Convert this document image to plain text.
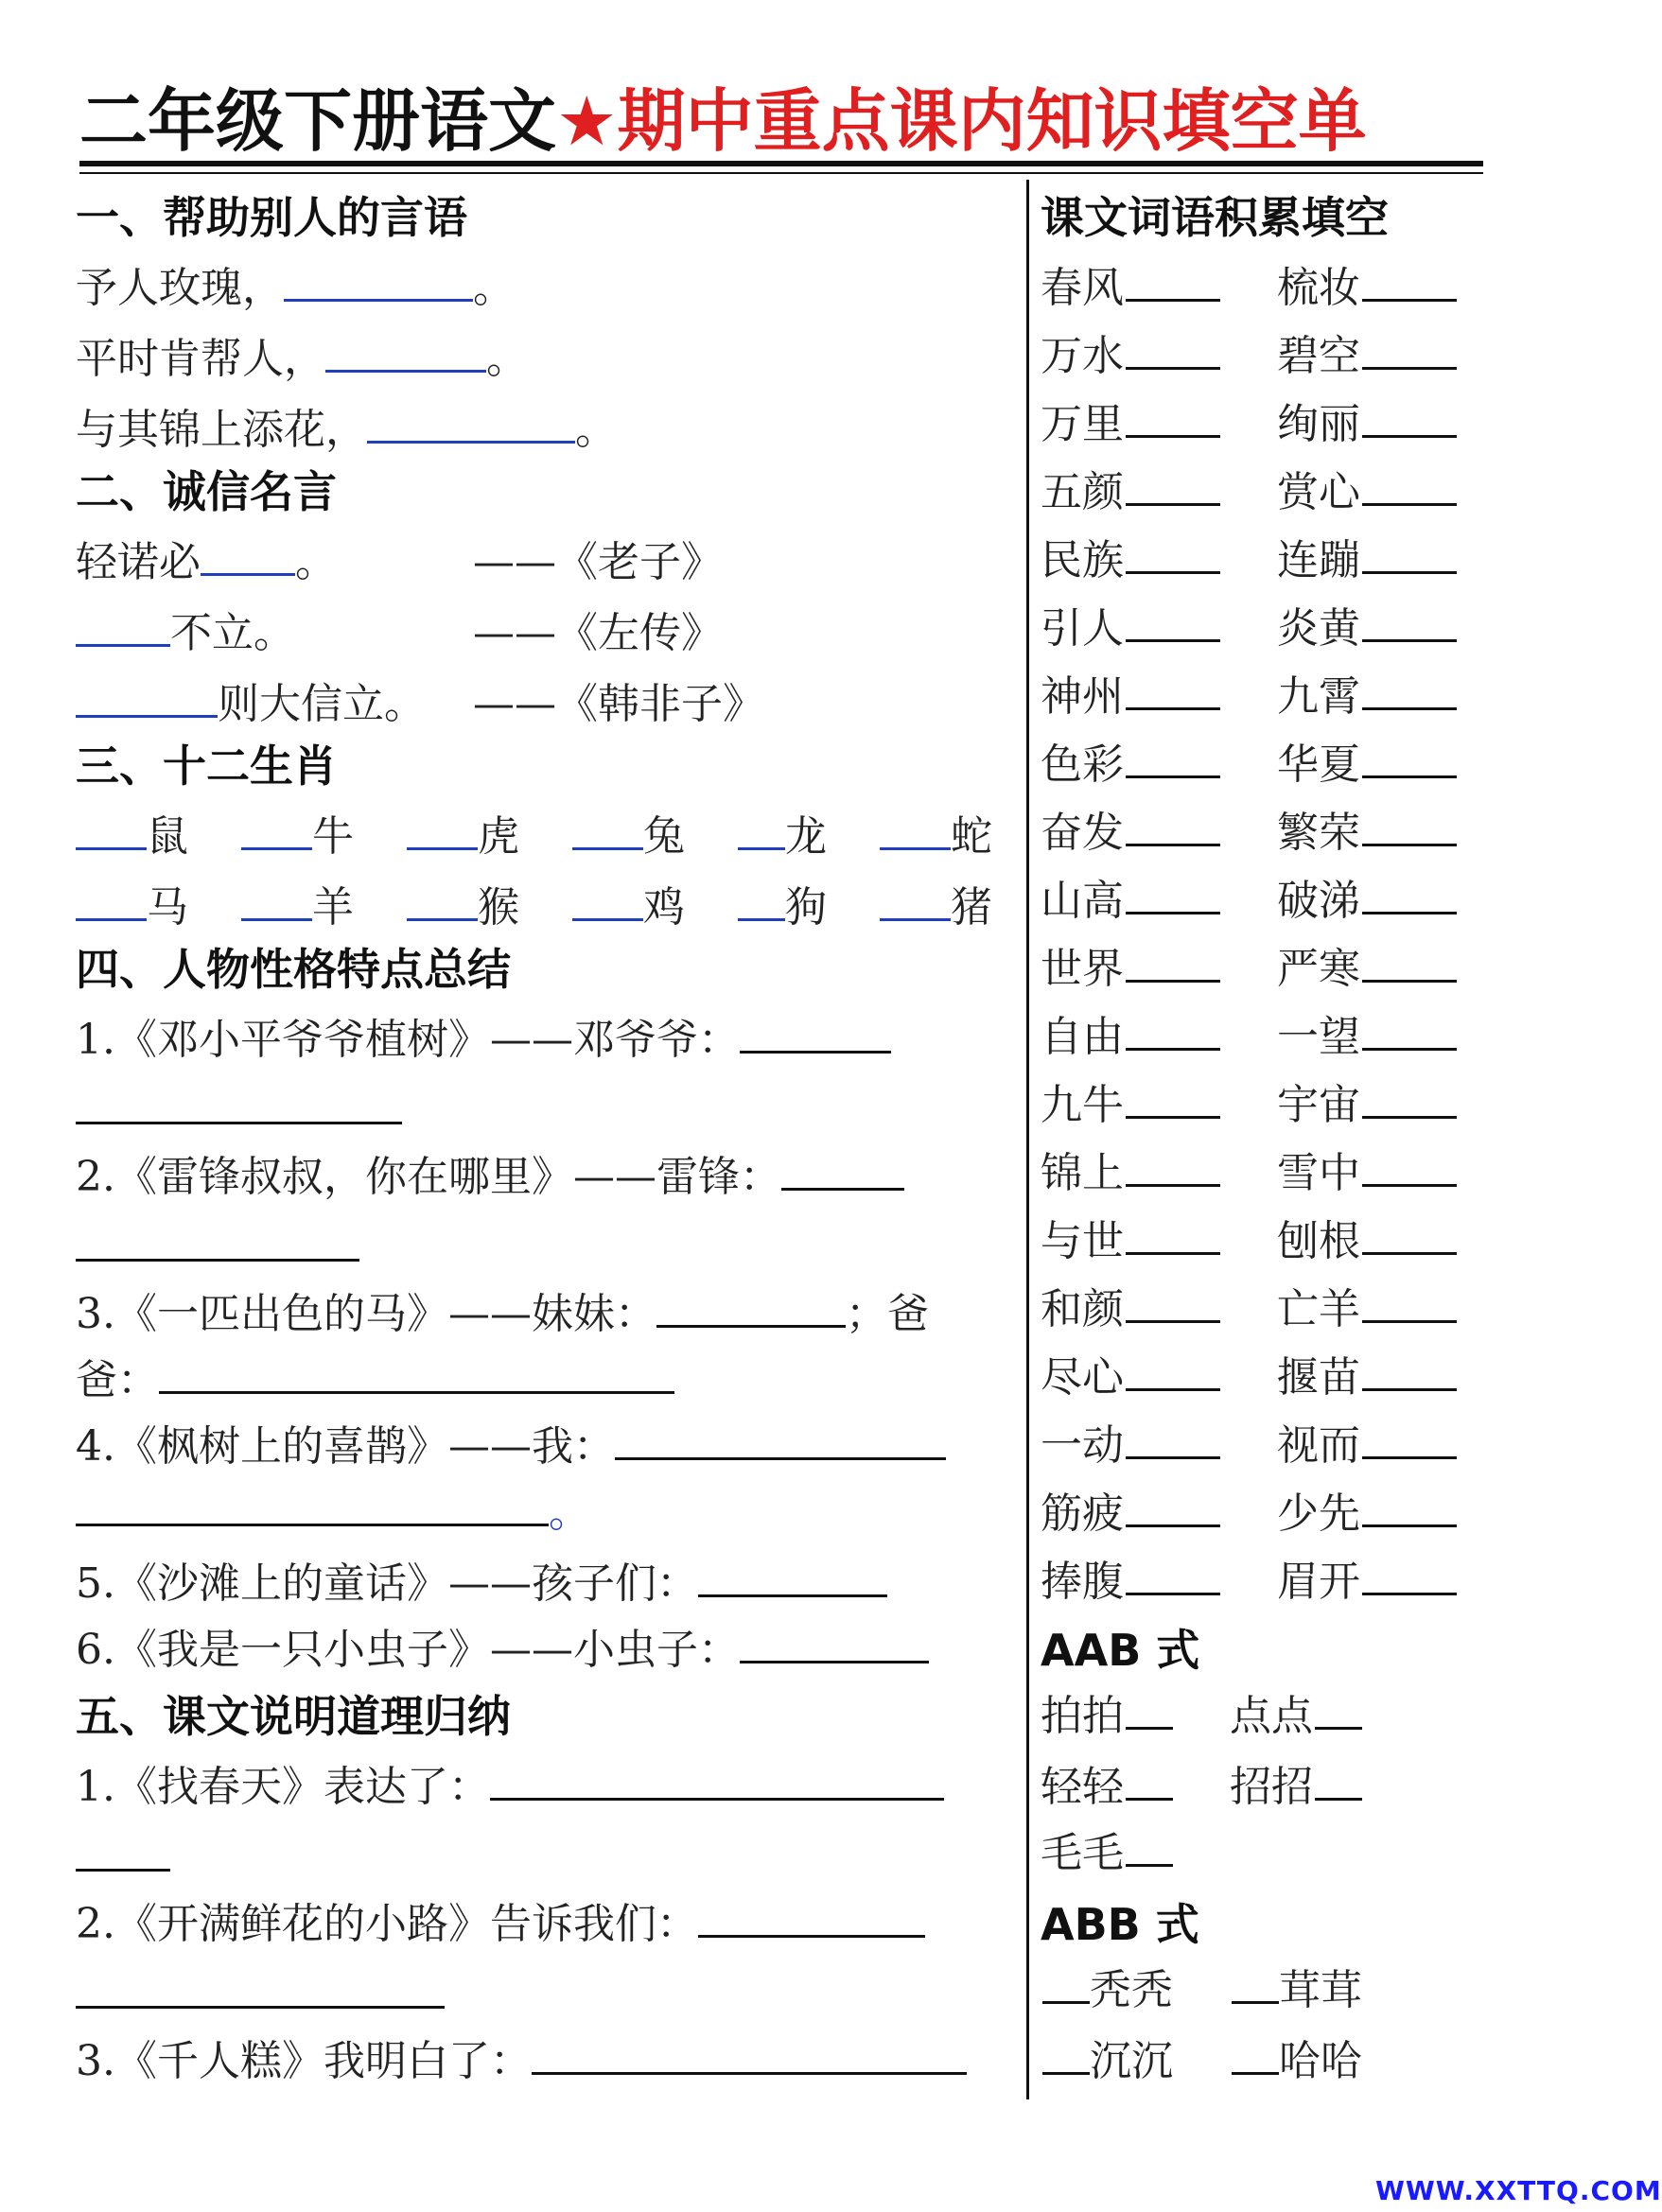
二年级下册语文★期中重点课内知识填空单
一、帮助别人的言语
予人玫瑰，	。
平时肯帮人，	。
与其锦上添花，	。
二、诚信名言
轻诺必 。	——《老子》
不立。	——《左传》
则大信立。 ——《韩非子》
三、十二生肖
鼠	牛	虎	兔	龙	蛇
马	羊	猴	鸡	狗	猪
四、人物性格特点总结
1.《邓小平爷爷植树》——邓爷爷：
2.《雷锋叔叔，你在哪里》——雷锋：
3.《一匹出色的马》——妹妹：	；爸
爸：
4.《枫树上的喜鹊》——我：
。
5.《沙滩上的童话》——孩子们：
6.《我是一只小虫子》——小虫子：
五、课文说明道理归纳
1.《找春天》表达了：
2.《开满鲜花的小路》告诉我们：
3.《千人糕》我明白了：
课文词语积累填空
春风	梳妆
万水	碧空
万里	绚丽
五颜	赏心
民族	连蹦
引人	炎黄
神州	九霄
色彩	华夏
奋发	繁荣
山高	破涕
世界	严寒
自由	一望
九牛	宇宙
锦上	雪中
与世	刨根
和颜	亡羊
尽心	揠苗
一动	视而
筋疲	少先
捧腹	眉开
AAB 式
拍拍	点点
轻轻	招招
毛毛
ABB 式
秃秃	茸茸
沉沉	哈哈
WWW.XXTTQ.COM
